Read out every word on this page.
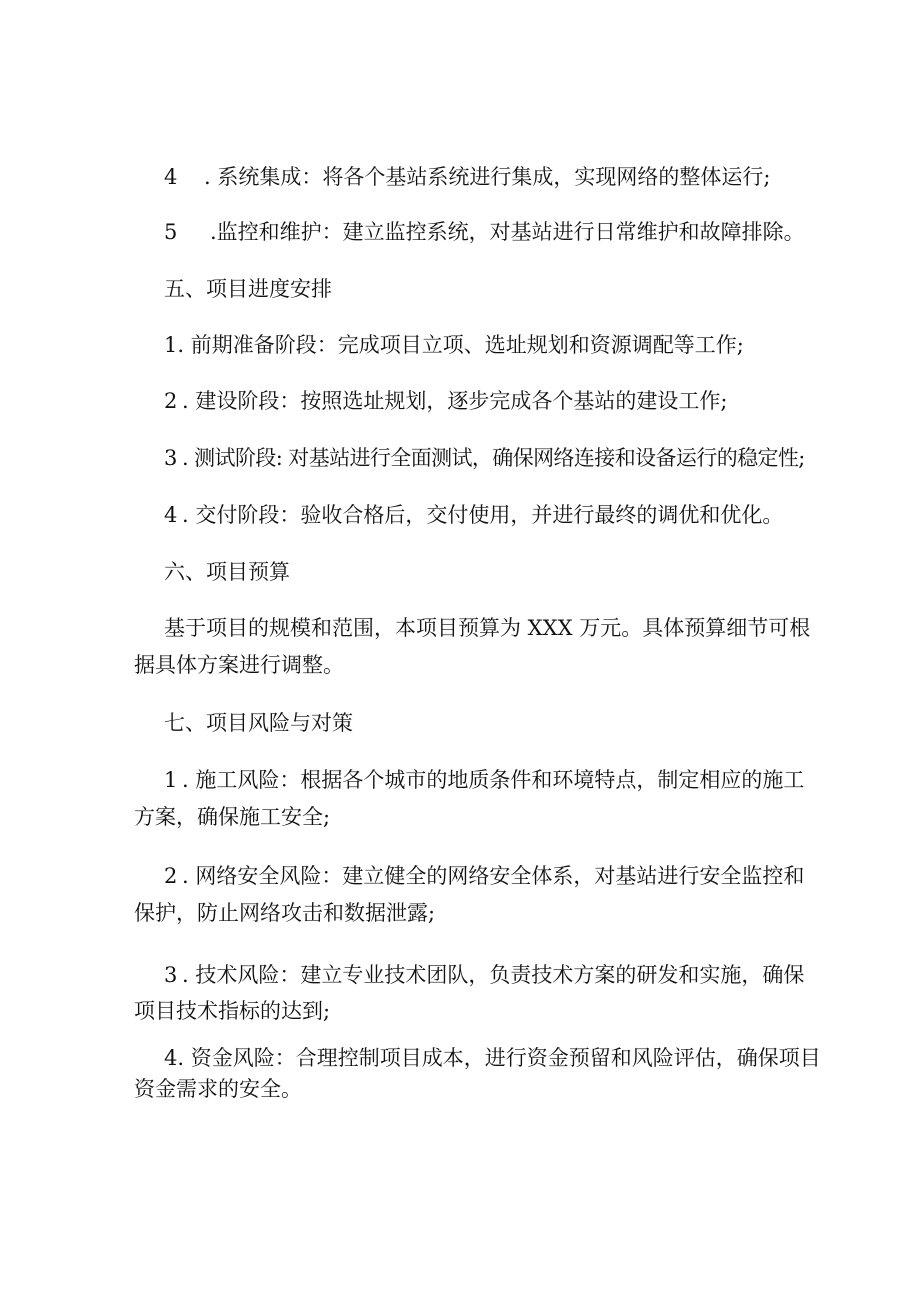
4 . 系统集成：将各个基站系统进行集成，实现网络的整体运行;
5 .监控和维护：建立监控系统，对基站进行日常维护和故障排除。
五、项目进度安排
1. 前期准备阶段：完成项目立项、选址规划和资源调配等工作;
2 . 建设阶段：按照选址规划，逐步完成各个基站的建设工作;
3 . 测试阶段: 对基站进行全面测试，确保网络连接和设备运行的稳定性;
4 . 交付阶段：验收合格后，交付使用，并进行最终的调优和优化。
六、项目预算
基于项目的规模和范围，本项目预算为 XXX 万元。具体预算细节可根
据具体方案进行调整。
七、项目风险与对策
1 . 施工风险：根据各个城市的地质条件和环境特点，制定相应的施工
方案，确保施工安全;
2 . 网络安全风险：建立健全的网络安全体系，对基站进行安全监控和
保护，防止网络攻击和数据泄露;
3 . 技术风险：建立专业技术团队，负责技术方案的研发和实施，确保
项目技术指标的达到;
4. 资金风险：合理控制项目成本，进行资金预留和风险评估，确保项目
资金需求的安全。
